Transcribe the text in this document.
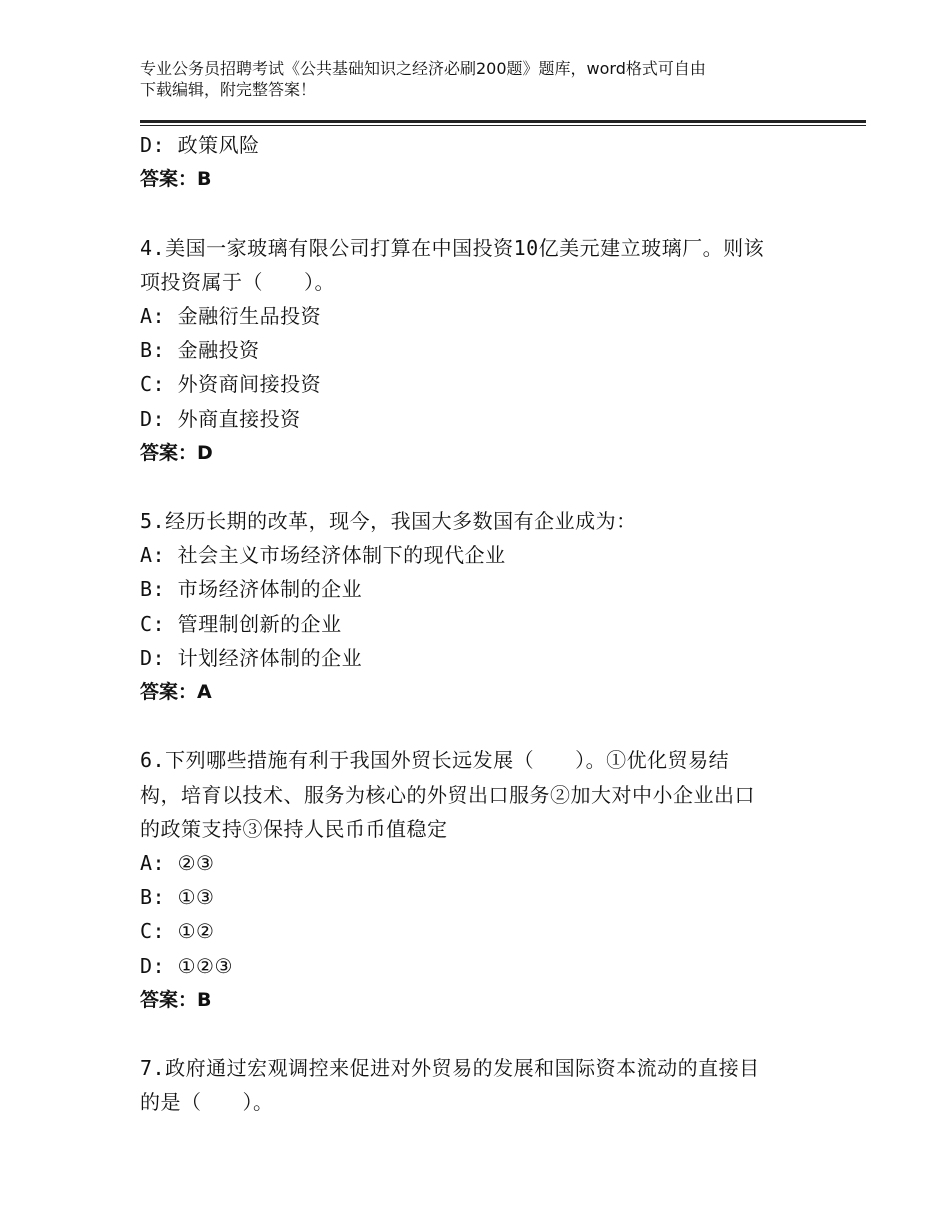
专业公务员招聘考试《公共基础知识之经济必刷200题》题库，word格式可自由
下载编辑，附完整答案！
D: 政策风险
答案：B
4.美国一家玻璃有限公司打算在中国投资10亿美元建立玻璃厂。则该
项投资属于（　　）。
A: 金融衍生品投资
B: 金融投资
C: 外资商间接投资
D: 外商直接投资
答案：D
5.经历长期的改革，现今，我国大多数国有企业成为：
A: 社会主义市场经济体制下的现代企业
B: 市场经济体制的企业
C: 管理制创新的企业
D: 计划经济体制的企业
答案：A
6.下列哪些措施有利于我国外贸长远发展（　　）。①优化贸易结
构，培育以技术、服务为核心的外贸出口服务②加大对中小企业出口
的政策支持③保持人民币币值稳定
A: ②③
B: ①③
C: ①②
D: ①②③
答案：B
7.政府通过宏观调控来促进对外贸易的发展和国际资本流动的直接目
的是（　　）。
